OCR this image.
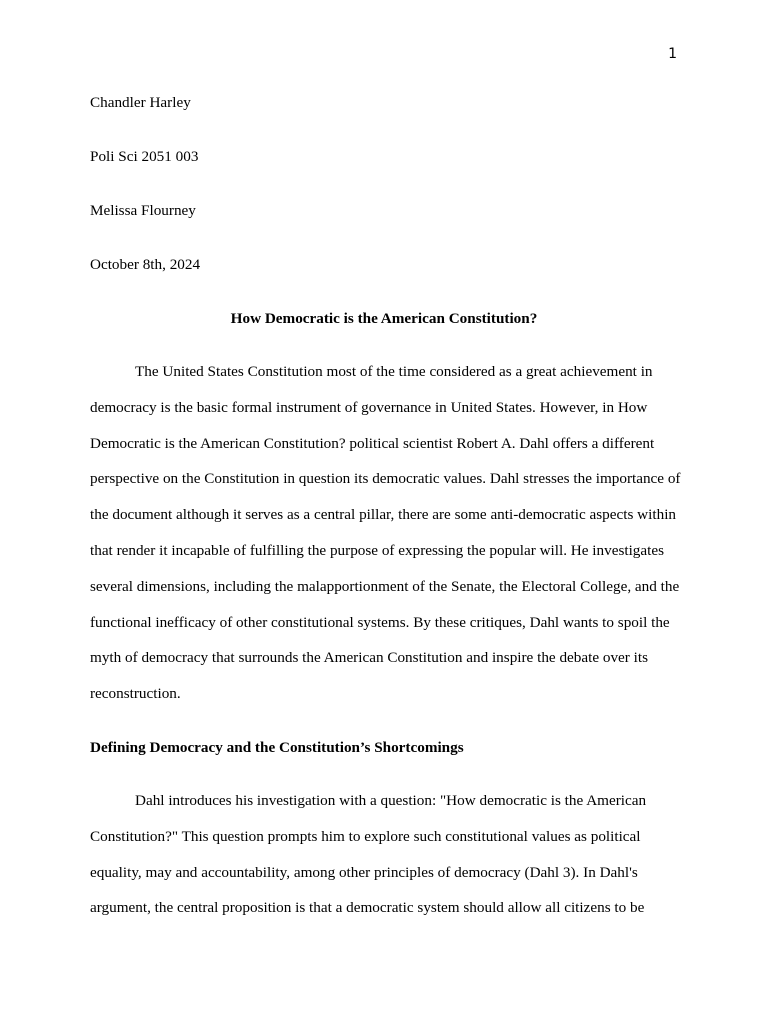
1
Chandler Harley
Poli Sci 2051 003
Melissa Flourney
October 8th, 2024
How Democratic is the American Constitution?
The United States Constitution most of the time considered as a great achievement in
democracy is the basic formal instrument of governance in United States. However, in How
Democratic is the American Constitution? political scientist Robert A. Dahl offers a different
perspective on the Constitution in question its democratic values. Dahl stresses the importance of
the document although it serves as a central pillar, there are some anti-democratic aspects within
that render it incapable of fulfilling the purpose of expressing the popular will. He investigates
several dimensions, including the malapportionment of the Senate, the Electoral College, and the
functional inefficacy of other constitutional systems. By these critiques, Dahl wants to spoil the
myth of democracy that surrounds the American Constitution and inspire the debate over its
reconstruction.
Defining Democracy and the Constitution’s Shortcomings
Dahl introduces his investigation with a question: "How democratic is the American
Constitution?" This question prompts him to explore such constitutional values as political
equality, may and accountability, among other principles of democracy (Dahl 3). In Dahl's
argument, the central proposition is that a democratic system should allow all citizens to be
